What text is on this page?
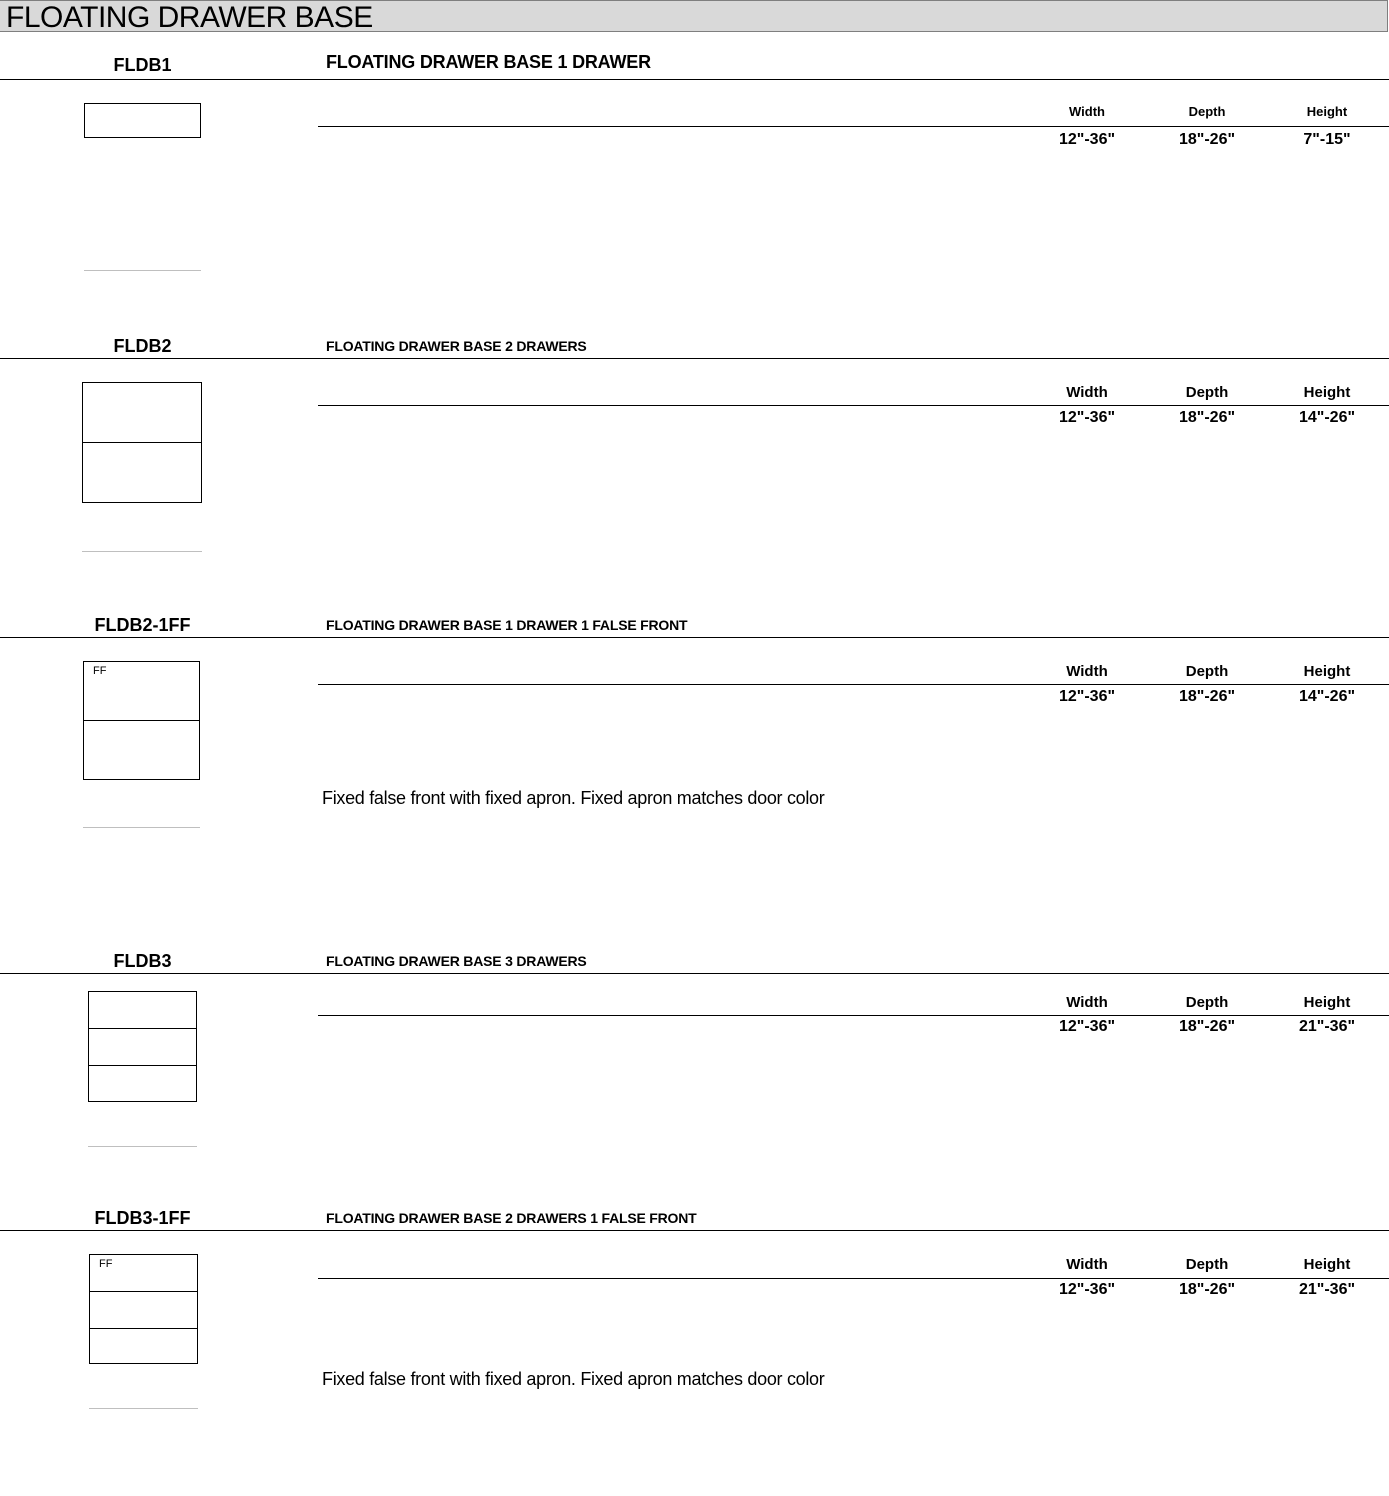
FLOATING DRAWER BASE
FLDB1	FLOATING DRAWER BASE 1 DRAWER
Width	Depth	Height
12"-36"	18"-26"	7"-15"
FLDB2	FLOATING DRAWER BASE 2 DRAWERS
Width	Depth	Height
12"-36"	18"-26"	14"-26"
FLDB2-1FF	FLOATING DRAWER BASE 1 DRAWER 1 FALSE FRONT
Width	Depth	Height
12"-36"	18"-26"	14"-26"
FF
Fixed false front with fixed apron. Fixed apron matches door color
FLDB3	FLOATING DRAWER BASE 3 DRAWERS
Width	Depth	Height
12"-36"	18"-26"	21"-36"
FLDB3-1FF	FLOATING DRAWER BASE 2 DRAWERS 1 FALSE FRONT
Width	Depth	Height
12"-36"	18"-26"	21"-36"
FF
Fixed false front with fixed apron. Fixed apron matches door color
